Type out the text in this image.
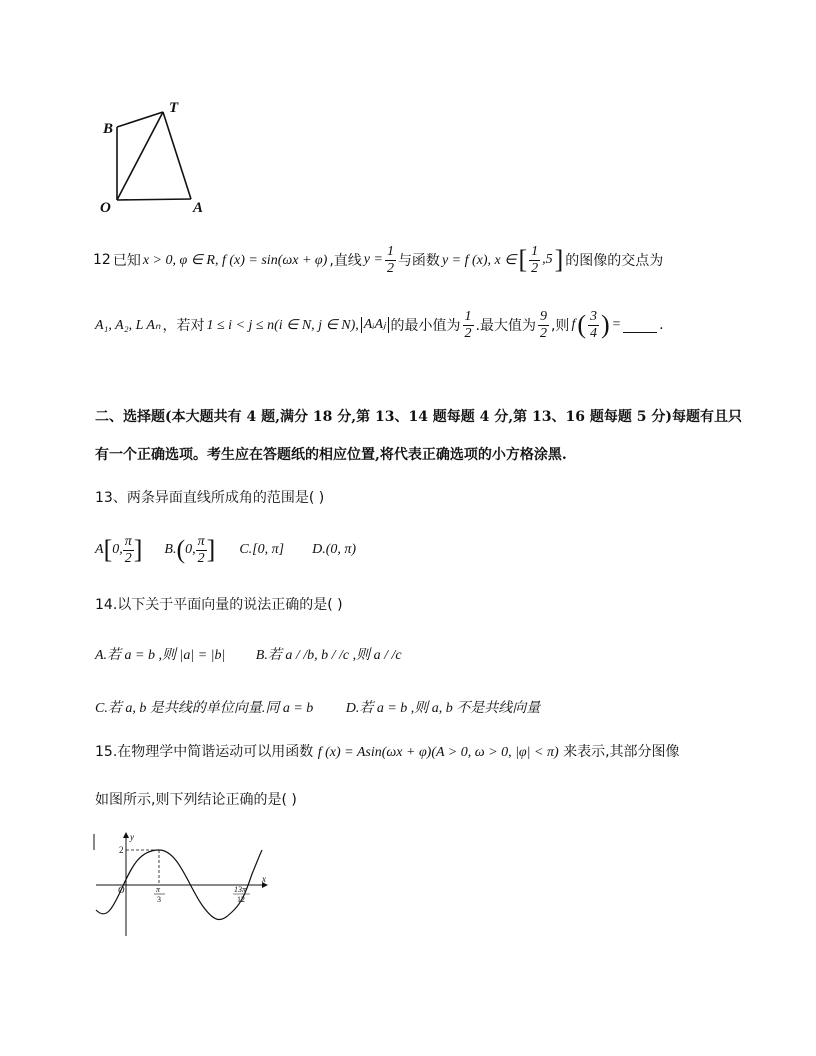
B
T
O	A
12 已知 x > 0, φ ∈ R, f (x) = sin(ωx + φ) ,直线 $y = \frac{1}{2}$ 与函数 y = f (x), x ∈ [ $\frac{1}{2} ,5$ ] 的图像的交点为
A₁, A₂, L Aₙ ，若对 1 ≤ i < j ≤ n(i ∈ N, j ∈ N), AᵢAⱼ 的最小值为 $\frac{1}{2}$ .最大值为 $\frac{9}{2}$ ,则 f ( $\frac{3}{4}$ ) =	.
二、选择题(本大题共有 4 题,满分 18 分,第 13、14 题每题 4 分,第 13、16 题每题 5 分)每题有且只
有一个正确选项。考生应在答题纸的相应位置,将代表正确选项的小方格涂黑.
13、两条异面直线所成角的范围是( )
A [ 0, $\frac{\pi}{2}$ ] B. ( 0, $\frac{\pi}{2}$ ] C.[0, π] D.(0, π)
14.以下关于平面向量的说法正确的是( )
A.若 a = b ,则 |a| = |b| B.若 a / /b, b / /c ,则 a / /c
C.若 a, b 是共线的单位向量.同 a = b D.若 a = b ,则 a, b 不是共线向量
15.在物理学中简谐运动可以用函数 f (x) = Asin(ωx + φ)(A > 0, ω > 0, |φ| < π) 来表示,其部分图像
如图所示,则下列结论正确的是( )
y
x
O
2
π
3
13π
12
